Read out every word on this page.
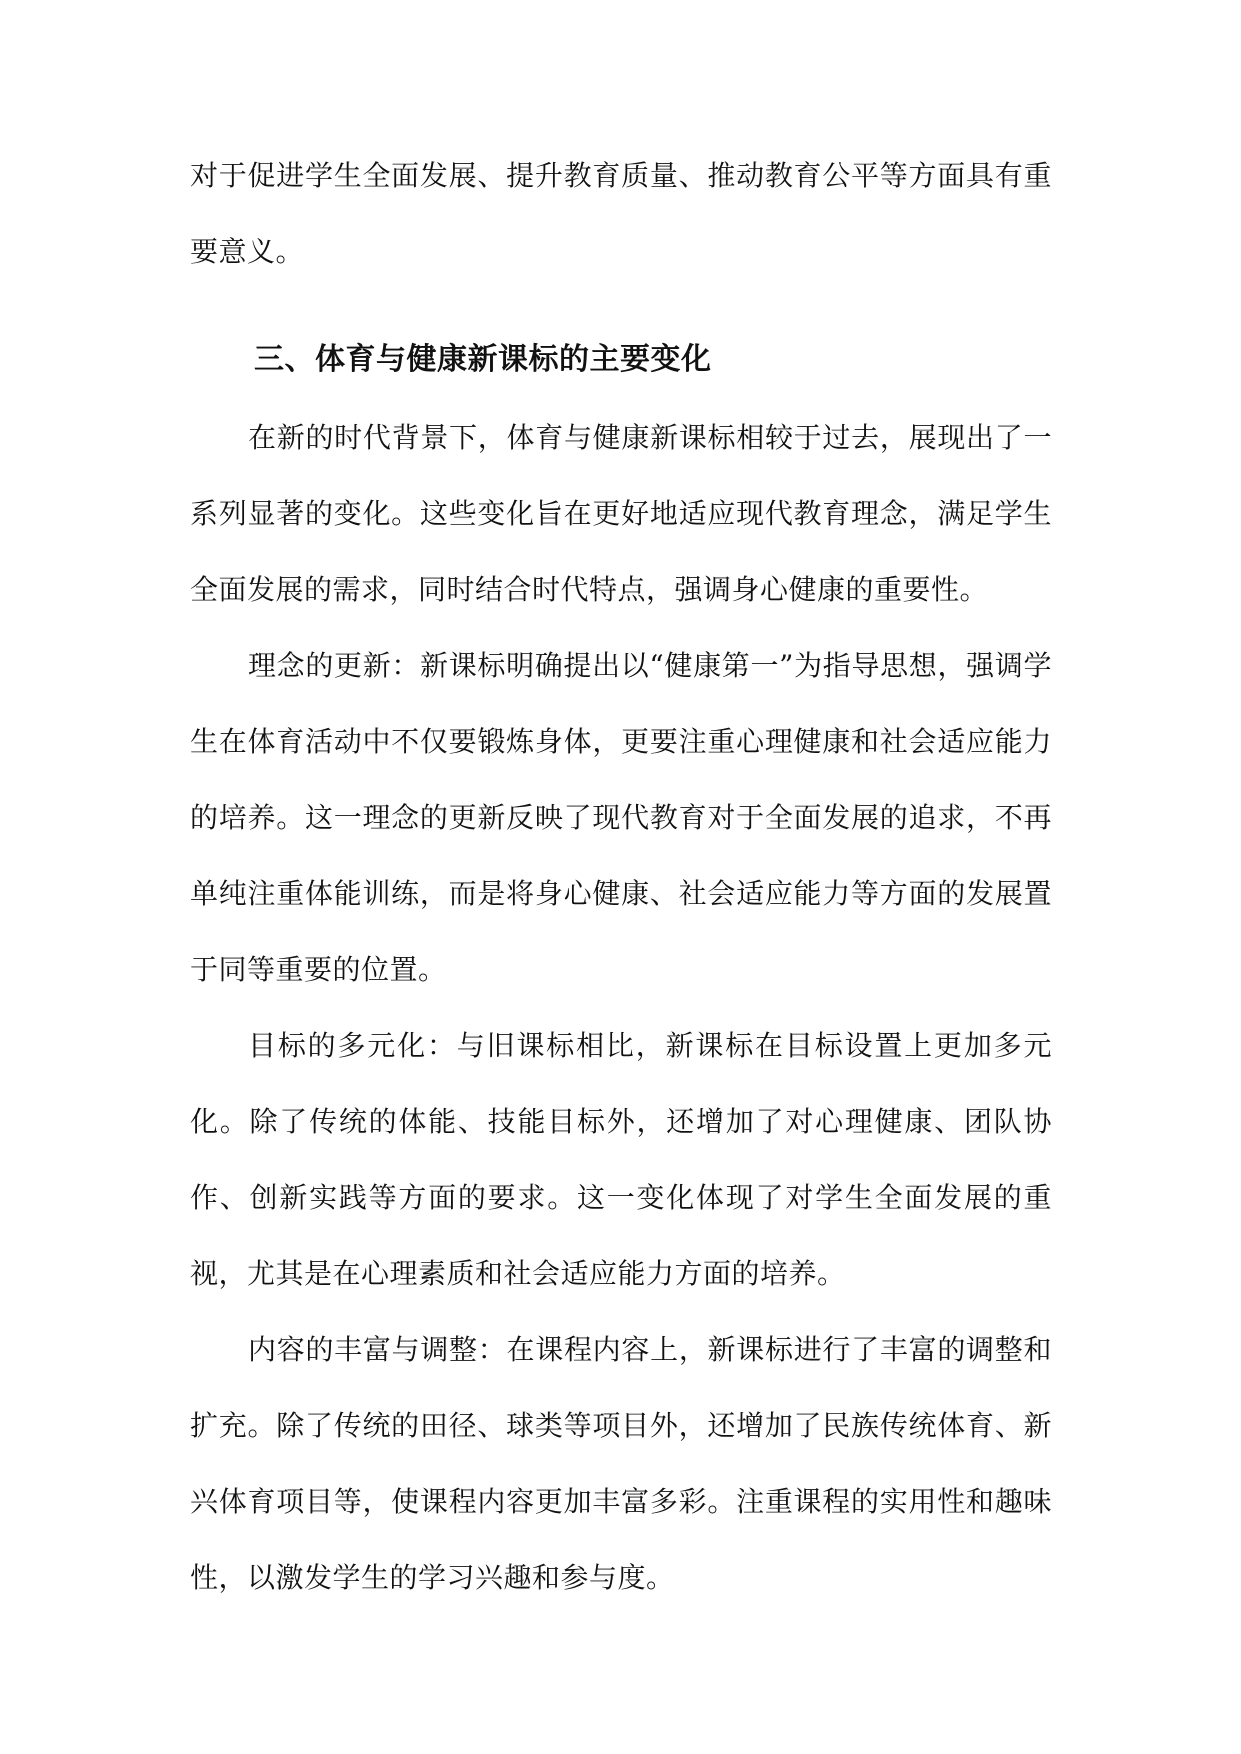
对于促进学生全面发展、提升教育质量、推动教育公平等方面具有重要意义。

三、体育与健康新课标的主要变化

在新的时代背景下，体育与健康新课标相较于过去，展现出了一系列显著的变化。这些变化旨在更好地适应现代教育理念，满足学生全面发展的需求，同时结合时代特点，强调身心健康的重要性。

理念的更新：新课标明确提出以“健康第一”为指导思想，强调学生在体育活动中不仅要锻炼身体，更要注重心理健康和社会适应能力的培养。这一理念的更新反映了现代教育对于全面发展的追求，不再单纯注重体能训练，而是将身心健康、社会适应能力等方面的发展置于同等重要的位置。

目标的多元化：与旧课标相比，新课标在目标设置上更加多元化。除了传统的体能、技能目标外，还增加了对心理健康、团队协作、创新实践等方面的要求。这一变化体现了对学生全面发展的重视，尤其是在心理素质和社会适应能力方面的培养。

内容的丰富与调整：在课程内容上，新课标进行了丰富的调整和扩充。除了传统的田径、球类等项目外，还增加了民族传统体育、新兴体育项目等，使课程内容更加丰富多彩。注重课程的实用性和趣味性，以激发学生的学习兴趣和参与度。
